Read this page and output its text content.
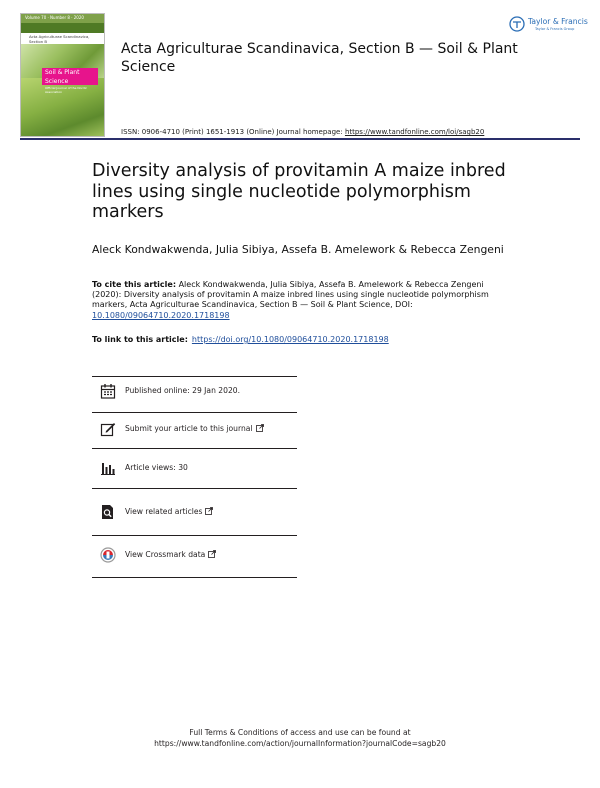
Volume 70 · Number 8 · 2020
Acta Agriculturae Scandinavica, Section B
Soil & Plant Science
Official Journal of the Nordic Association
Acta Agriculturae Scandinavica, Section B — Soil & Plant Science
Taylor & Francis
Taylor & Francis Group
ISSN: 0906-4710 (Print) 1651-1913 (Online) Journal homepage: https://www.tandfonline.com/loi/sagb20
Diversity analysis of provitamin A maize inbred lines using single nucleotide polymorphism markers
Aleck Kondwakwenda, Julia Sibiya, Assefa B. Amelework & Rebecca Zengeni
To cite this article: Aleck Kondwakwenda, Julia Sibiya, Assefa B. Amelework & Rebecca Zengeni (2020): Diversity analysis of provitamin A maize inbred lines using single nucleotide polymorphism markers, Acta Agriculturae Scandinavica, Section B — Soil & Plant Science, DOI: 10.1080/09064710.2020.1718198
To link to this article: https://doi.org/10.1080/09064710.2020.1718198
Published online: 29 Jan 2020.
Submit your article to this journal
Article views: 30
View related articles
View Crossmark data
Full Terms & Conditions of access and use can be found at
https://www.tandfonline.com/action/journalInformation?journalCode=sagb20
